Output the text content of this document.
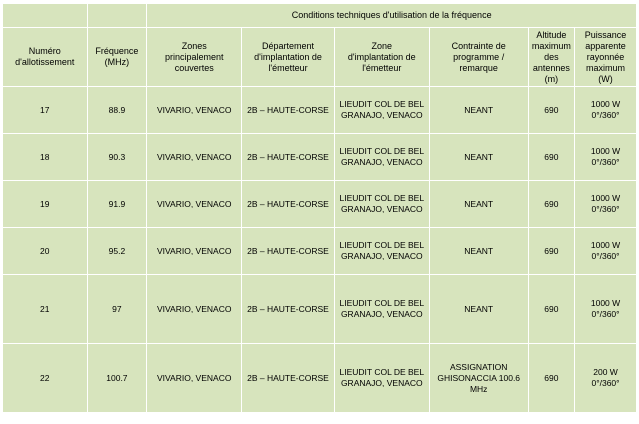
		Conditions techniques d'utilisation de la fréquence					

Numéro
d'allotissement	Fréquence
(MHz)	Zones
principalement
couvertes	Département
d'implantation de
l'émetteur	Zone
d'implantation de
l'émetteur	Contrainte de
programme /
remarque	Altitude
maximum
des
antennes
(m)	Puissance
apparente
rayonnée
maximum
(W)

17	88.9	VIVARIO, VENACO	2B – HAUTE-CORSE	LIEUDIT COL DE BEL
GRANAJO, VENACO	NEANT	690	1000 W
0°/360°

18	90.3	VIVARIO, VENACO	2B – HAUTE-CORSE	LIEUDIT COL DE BEL
GRANAJO, VENACO	NEANT	690	1000 W
0°/360°

19	91.9	VIVARIO, VENACO	2B – HAUTE-CORSE	LIEUDIT COL DE BEL
GRANAJO, VENACO	NEANT	690	1000 W
0°/360°

20	95.2	VIVARIO, VENACO	2B – HAUTE-CORSE	LIEUDIT COL DE BEL
GRANAJO, VENACO	NEANT	690	1000 W
0°/360°

21	97	VIVARIO, VENACO	2B – HAUTE-CORSE	LIEUDIT COL DE BEL
GRANAJO, VENACO	NEANT	690	1000 W
0°/360°

22	100.7	VIVARIO, VENACO	2B – HAUTE-CORSE	LIEUDIT COL DE BEL
GRANAJO, VENACO	ASSIGNATION
GHISONACCIA 100.6 MHz	690	200 W
0°/360°
